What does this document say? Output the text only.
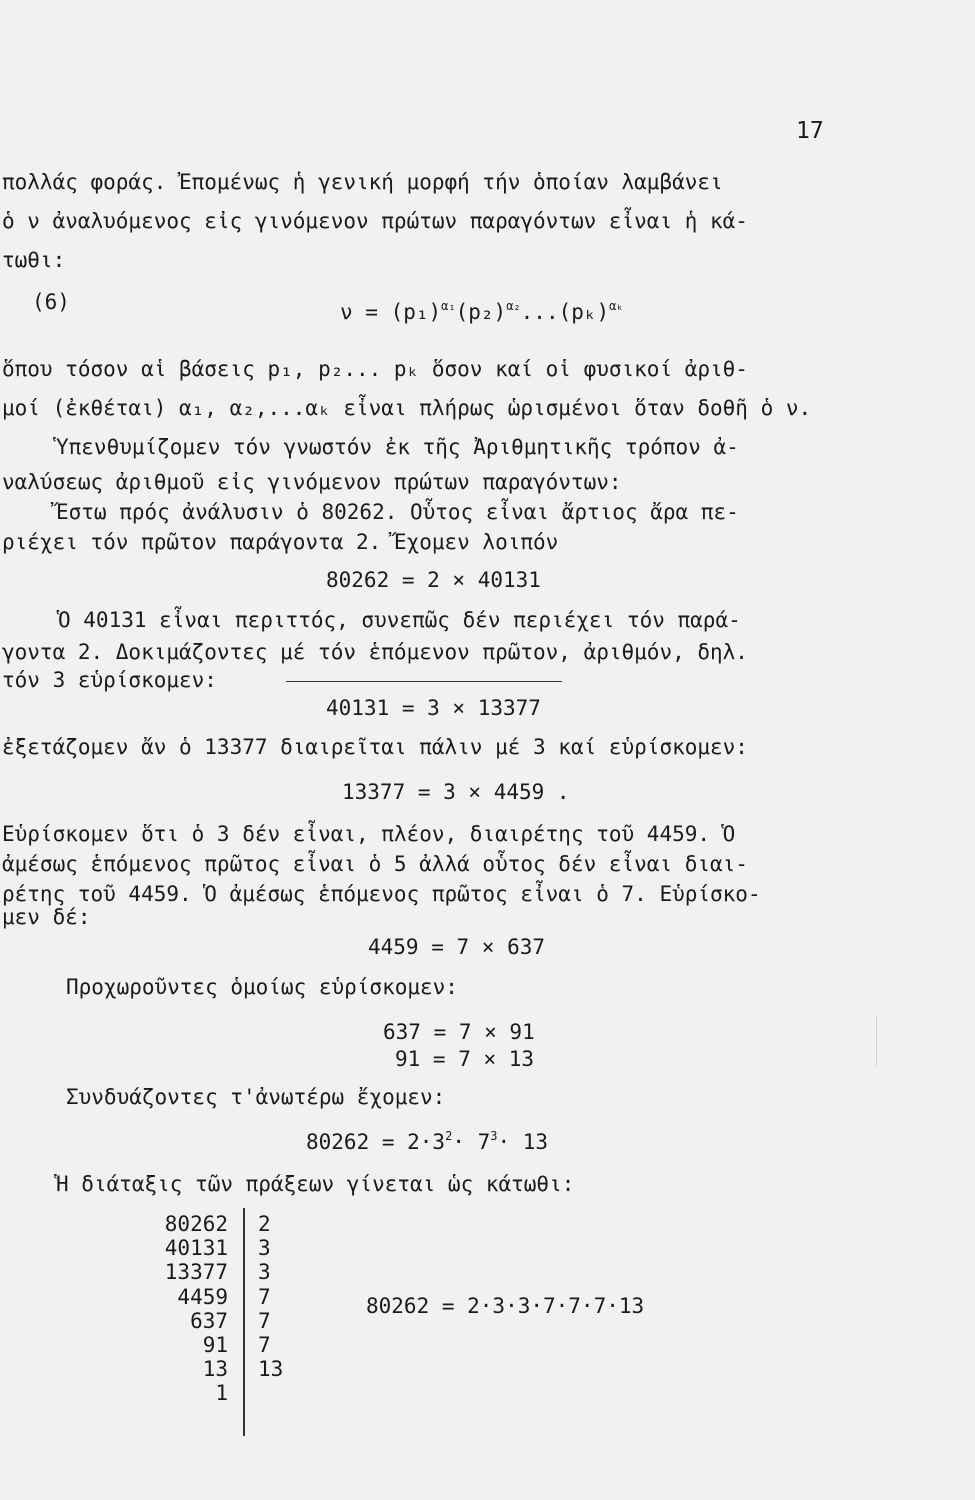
17
πολλάς φοράς. Ἐπομένως ἡ γενική μορφή τήν ὁποίαν λαμβάνει
ὁ ν ἀναλυόμενος εἰς γινόμενον πρώτων παραγόντων εἶναι ἡ κά-
τωθι:
(6)	$\nu = (p_1)^{\alpha_1}(p_2)^{\alpha_2}...(p_k)^{\alpha_k}$
ὅπου τόσον αἱ βάσεις p₁, p₂... pₖ ὅσον καί οἱ φυσικοί ἀριθ-
μοί (ἐκθέται) α₁, α₂,...αₖ εἶναι πλήρως ὡρισμένοι ὅταν δοθῆ ὁ ν.
Ὑπενθυμίζομεν τόν γνωστόν ἐκ τῆς Ἀριθμητικῆς τρόπον ἀ-
ναλύσεως ἀριθμοῦ εἰς γινόμενον πρώτων παραγόντων:
Ἔστω πρός ἀνάλυσιν ὁ 80262. Οὗτος εἶναι ἄρτιος ἄρα πε-
ριέχει τόν πρῶτον παράγοντα 2. Ἔχομεν λοιπόν
80262 = 2 × 40131
Ὁ 40131 εἶναι περιττός, συνεπῶς δέν περιέχει τόν παρά-
γοντα 2. Δοκιμάζοντες μέ τόν ἑπόμενον πρῶτον, ἀριθμόν, δηλ.
τόν 3 εὑρίσκομεν:
40131 = 3 × 13377
ἐξετάζομεν ἄν ὁ 13377 διαιρεῖται πάλιν μέ 3 καί εὑρίσκομεν:
13377 = 3 × 4459 .
Εὑρίσκομεν ὅτι ὁ 3 δέν εἶναι, πλέον, διαιρέτης τοῦ 4459. Ὁ
ἀμέσως ἑπόμενος πρῶτος εἶναι ὁ 5 ἀλλά οὗτος δέν εἶναι διαι-
ρέτης τοῦ 4459. Ὁ ἀμέσως ἑπόμενος πρῶτος εἶναι ὁ 7. Εὑρίσκο-
μεν δέ:
4459 = 7 × 637
Προχωροῦντες ὁμοίως εὑρίσκομεν:
637 = 7 × 91
91 = 7 × 13
Συνδυάζοντες τ'ἀνωτέρω ἔχομεν:
$80262 = 2\cdot 3^2\cdot 7^3\cdot 13$
Ἡ διάταξις τῶν πράξεων γίνεται ὡς κάτωθι:
80262
40131
13377
4459
637
91
13
1
2
3
3
7
7
7
13
80262 = 2·3·3·7·7·7·13
